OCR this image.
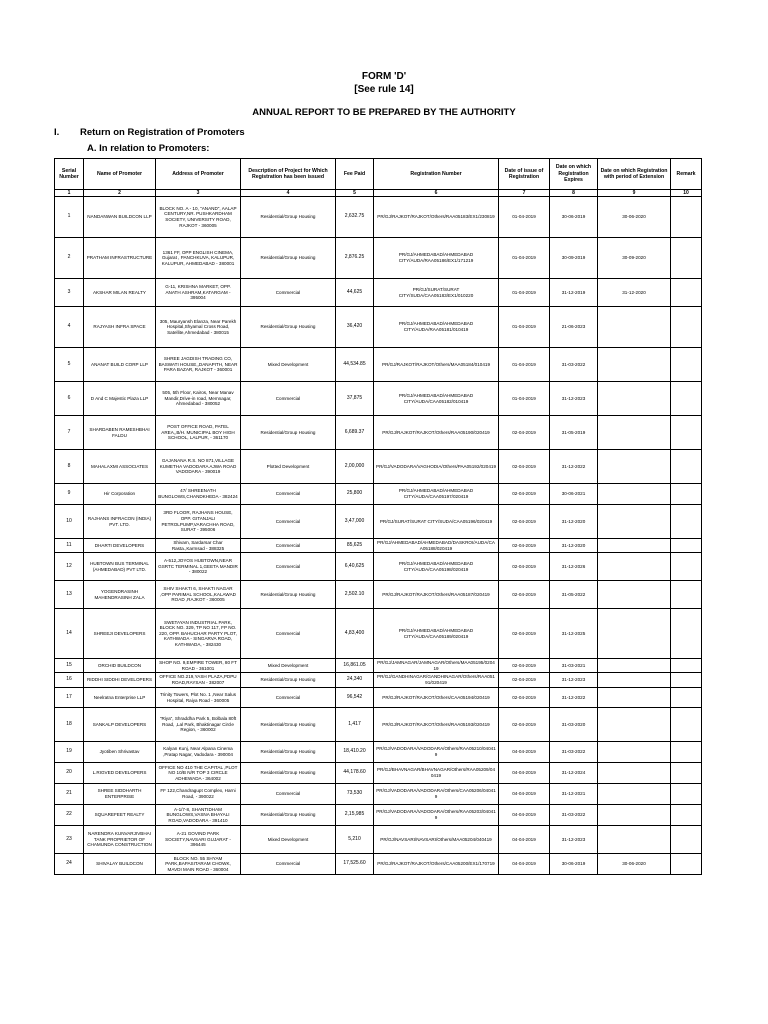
FORM 'D'
[See rule 14]
ANNUAL REPORT TO BE PREPARED BY THE AUTHORITY
I. Return on Registration of Promoters
A. In relation to Promoters:
Serial Number	Name of Promoter	Address of Promoter	Description of Project for Which Registration has been issued	Fee Paid	Registration Number	Date of issue of Registration	Date on which Registration Expires	Date on which Registration with period of Extension	Remark
1	2	3	4	5	6	7	8	9	10
1	NANDANWAN BUILDCON LLP	BLOCK NO. A - 10, "ANAND", AALAP CENTURY,NR. PUSHKARDHAM SOCIETY, UNIVERSITY ROAD, RAJKOT - 360005	Residential/Group Housing	2,632.75	PR/GJ/RAJKOT/RAJKOT/Others/RAA05183/EX1/230819	01-04-2019	30-06-2019	30-06-2020	
2	PRATHAM INFRASTRUCTURE	1361 FF, OPP ENGLISH CINEMA, Gujarat , PANCHKUVA, KALUPUR, KALUPUR, AHMEDABAD - 380001	Residential/Group Housing	2,876.25	PR/GJ/AHMEDABAD/AHMEDABAD CITY/AUDA/RAA05186/EX1/171219	01-04-2019	30-09-2019	30-09-2020	
3	AKSHAR MILAN REALTY	G-11, KRISHNA MARKET, OPP. ANATH ASHRAM,KATARGAM - 395004	Commercial	44,625	PR/GJ/SURAT/SURAT CITY/SUDA/CAA05183/EX1/010220	01-04-2019	31-12-2019	31-12-2020	
4	RAJYASH INFRA SPACE	305, Mauryansh Elanza, Near Parekh Hospital,Shyamal Cross Road, Satellite,Ahmedabad - 380015	Residential/Group Housing	36,420	PR/GJ/AHMEDABAD/AHMEDABAD CITY/AUDA/RAA05181/010419	01-04-2019	21-06-2023		
5	ANANAT BUILD CORP LLP	SHREE JAGDISH TRADING CO, BASWATI HOUSE,,DANAPITH, NEAR PARA BAZAR, RAJKOT - 360001	Mixed Development	44,534.85	PR/GJ/RAJKOT/RAJKOT/Others/MAA05184/010419	01-04-2019	31-03-2022		
6	D And C Majestic Plaza LLP	505, 5th Floor, Kairos, Near Manav Mandir,Drive-in road, Memnagar, Ahmedabad - 380052	Commercial	37,875	PR/GJ/AHMEDABAD/AHMEDABAD CITY/AUDA/CAA05182/010419	01-04-2019	31-12-2023		
7	SHARDABEN RAMESHBHAI FALDU	POST OFFICE ROAD, PATEL AREA,,B/H. MUNICIPAL BOY HIGH SCHOOL, LALPUR, - 361170	Residential/Group Housing	6,689.37	PR/GJ/RAJKOT/RAJKOT/Others/RAA05190/020419	02-04-2019	31-05-2019		
8	MAHALAXMI ASSOCIATES	GAJANANA R.S. NO 871,VILLAGE KUMETHA VADODARA AJWA ROAD VADODARA - 390019	Plotted Development	2,00,000	PR/GJ/VADODARA/VAGHODIA/Others/PAA05192/020419	02-04-2019	31-12-2022		
9	Hir Corporation	47/ SHREENATH BUNGLOWS,CHANDKHEDA - 382424	Commercial	25,800	PR/GJ/AHMEDABAD/AHMEDABAD CITY/AUDA/CAA05197/020419	02-04-2019	30-06-2021		
10	RAJHANS INFRACON (INDIA) PVT. LTD.	3RD FLOOR, RAJHANS HOUSE, OPP. GITANJALI PETROLPUMP,VARACHHA ROAD, SURAT - 395006	Commercial	3,47,000	PR/GJ/SURAT/SURAT CITY/SUDA/CAA05196/020419	02-04-2019	31-12-2020		
11	DHARTI DEVELOPERS	Shivam, Sardarsar Char Rasta.,Karmsad - 388325	Commercial	85,625	PR/GJ/AHMEDABAD/AHMEDABAD/DASKROI/AUDA/CAA05188/020419	02-04-2019	31-12-2020		
12	HUBTOWN BUS TERMINAL (AHMEDABAD) PVT LTD.	A-512,JOYOS HUBTOWN,NEAR GSRTC TERMINAL 1,GEETA MANDIR - 380022	Commercial	6,40,625	PR/GJ/AHMEDABAD/AHMEDABAD CITY/AUDA/CAA05198/020419	02-04-2019	31-12-2026		
13	YOGENDRASINH MAHENDRASINH ZALA	SHIV SHAKTI 6, SHAKTI NAGAR ,OPP PARIMAL SCHOOL,KALAWAD ROAD ,RAJKOT - 360005	Residential/Group Housing	2,502.10	PR/GJ/RAJKOT/RAJKOT/Others/RAA05187/020419	02-04-2019	31-05-2022		
14	SHREEJI DEVELOPERS	SWETAYAN INDUSTRIAL PARK, BLOCK NO. 329, TP NO 117, FP NO. 220, OPP. BAHUCHAR PARTY PLOT, KATHWADA - SINGARVA ROAD, KATHWADA, - 382430	Commercial	4,83,400	PR/GJ/AHMEDABAD/AHMEDABAD CITY/AUDA/CAA05189/020419	02-04-2019	31-12-2025		
15	ORCHID BUILDCON	SHOP NO. 9,EMPIRE TOWER, 80 FT ROAD - 361001	Mixed Development	16,861.05	PR/GJ/JAMNAGAR/JAMNAGAR/Others/MAA05195/020419	02-04-2019	31-03-2021		
16	RIDDHI SIDDHI DEVELOPERS	OFFICE NO.219,YASH PLAZA,PDPU ROAD,RAYSAN - 382007	Residential/Group Housing	24,340	PR/GJ/GANDHINAGAR/GANDHINAGAR/Others/RAA05191/020419	02-04-2019	31-12-2023		
17	Neelratna Enterprise LLP	Trinity Towers, Plot No. 1 ,Near Salus Hospital, Raiya Road - 360005	Commercial	96,542	PR/GJ/RAJKOT/RAJKOT/Others/CAA05194/020419	02-04-2019	31-12-2022		
18	SANKALP DEVELOPERS	"Riya", Shraddha Park 5, Bolbala 80ft Road, ,Lal Park, Bhaktinagar Circle Region, - 360002	Residential/Group Housing	1,417	PR/GJ/RAJKOT/RAJKOT/Others/RAA05193/020419	02-04-2019	31-03-2020		
19	Jyotiben Shrivastav	Kalyan Kunj, Near Alpana Cinema ,Pratap Nagar, Vadodara - 390004	Residential/Group Housing	18,410.20	PR/GJ/VADODARA/VADODARA/Others/RAA05210/040419	04-04-2019	31-03-2022		
20	L.RIGVED DEVELOPERS	OFFICE NO 410 THE CAPITAL ,PLOT NO 10/B N/R TOP 3 CIRCLE ADHEWADA - 364002	Residential/Group Housing	44,178.60	PR/GJ/BHAVNAGAR/BHAVNAGAR/Others/RAA05209/040419	04-04-2019	31-12-2024		
21	SHREE SIDDHARTH ENTERPRISE	FF 122,Chandragupt Complex, Harni Road, - 390022	Commercial	73,530	PR/GJ/VADODARA/VADODARA/Others/CAA05206/040419	04-04-2019	31-12-2021		
22	SQUAREFEET REALTY	A-1/7-8, SHANTIDHAM BUNGLOWS,VASNA BHAYALI ROAD,VADODARA - 391410	Residential/Group Housing	2,15,985	PR/GJ/VADODARA/VADODARA/Others/RAA05203/040419	04-04-2019	31-03-2022		
23	NARENDRA KUNVARJIVBHAI TANK PROPRIETOR OF CHAMUNDA CONSTRUCTION	A-21 GOVIND PARK SOCIETY,NAVSARI GUJARAT - 396445	Mixed Development	5,210	PR/GJ/NAVSARI/NAVSARI/Others/MAA05204/040419	04-04-2019	31-12-2023		
24	SHIVALAY BUILDCON	BLOCK NO. 55 SHYAM PARK,BAPASITARAM CHOWK, MAVDI MAIN ROAD - 360004	Commercial	17,525.60	PR/GJ/RAJKOT/RAJKOT/Others/CAA05200/EX1/170719	04-04-2019	30-06-2019	30-06-2020	
